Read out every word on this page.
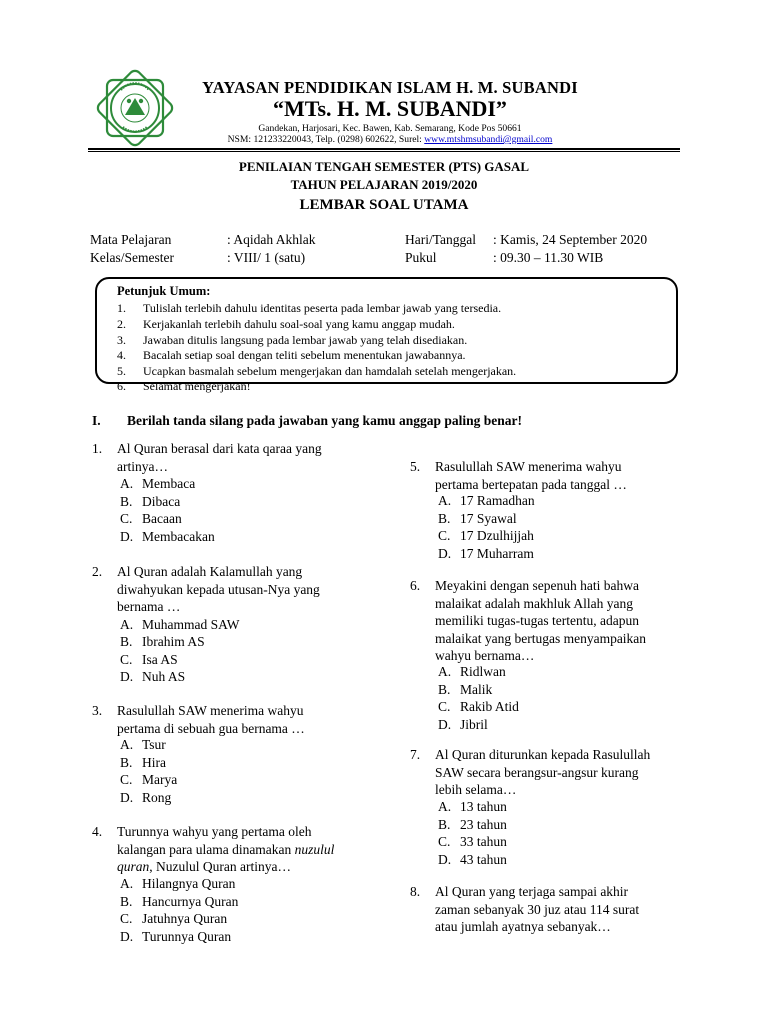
YAYASAN PENDIDIKAN ISLAM H. M. SUBANDI
“MTs. H. M. SUBANDI”
Gandekan, Harjosari, Kec. Bawen, Kab. Semarang, Kode Pos 50661
NSM: 121233220043, Telp. (0298) 602622, Surel: www.mtshmsubandi@gmail.com
PENILAIAN TENGAH SEMESTER (PTS) GASAL
TAHUN PELAJARAN 2019/2020
LEMBAR SOAL UTAMA
Mata Pelajaran	: Aqidah Akhlak	Hari/Tanggal : Kamis, 24 September 2020
Kelas/Semester	: VIII/ 1 (satu)	Pukul	: 09.30 – 11.30 WIB
Petunjuk Umum:
1. Tulislah terlebih dahulu identitas peserta pada lembar jawab yang tersedia.
2. Kerjakanlah terlebih dahulu soal-soal yang kamu anggap mudah.
3. Jawaban ditulis langsung pada lembar jawab yang telah disediakan.
4. Bacalah setiap soal dengan teliti sebelum menentukan jawabannya.
5. Ucapkan basmalah sebelum mengerjakan dan hamdalah setelah mengerjakan.
6. Selamat mengerjakan!
I. Berilah tanda silang pada jawaban yang kamu anggap paling benar!
1. Al Quran berasal dari kata qaraa yang
artinya…
A. Membaca
B. Dibaca
C. Bacaan
D. Membacakan
2. Al Quran adalah Kalamullah yang
diwahyukan kepada utusan-Nya yang
bernama …
A. Muhammad SAW
B. Ibrahim AS
C. Isa AS
D. Nuh AS
3. Rasulullah SAW menerima wahyu
pertama di sebuah gua bernama …
A. Tsur
B. Hira
C. Marya
D. Rong
4. Turunnya wahyu yang pertama oleh
kalangan para ulama dinamakan nuzulul
quran, Nuzulul Quran artinya…
A. Hilangnya Quran
B. Hancurnya Quran
C. Jatuhnya Quran
D. Turunnya Quran
5. Rasulullah SAW menerima wahyu
pertama bertepatan pada tanggal …
A. 17 Ramadhan
B. 17 Syawal
C. 17 Dzulhijjah
D. 17 Muharram
6. Meyakini dengan sepenuh hati bahwa
malaikat adalah makhluk Allah yang
memiliki tugas-tugas tertentu, adapun
malaikat yang bertugas menyampaikan
wahyu bernama…
A. Ridlwan
B. Malik
C. Rakib Atid
D. Jibril
7. Al Quran diturunkan kepada Rasulullah
SAW secara berangsur-angsur kurang
lebih selama…
A. 13 tahun
B. 23 tahun
C. 33 tahun
D. 43 tahun
8. Al Quran yang terjaga sampai akhir
zaman sebanyak 30 juz atau 114 surat
atau jumlah ayatnya sebanyak…
